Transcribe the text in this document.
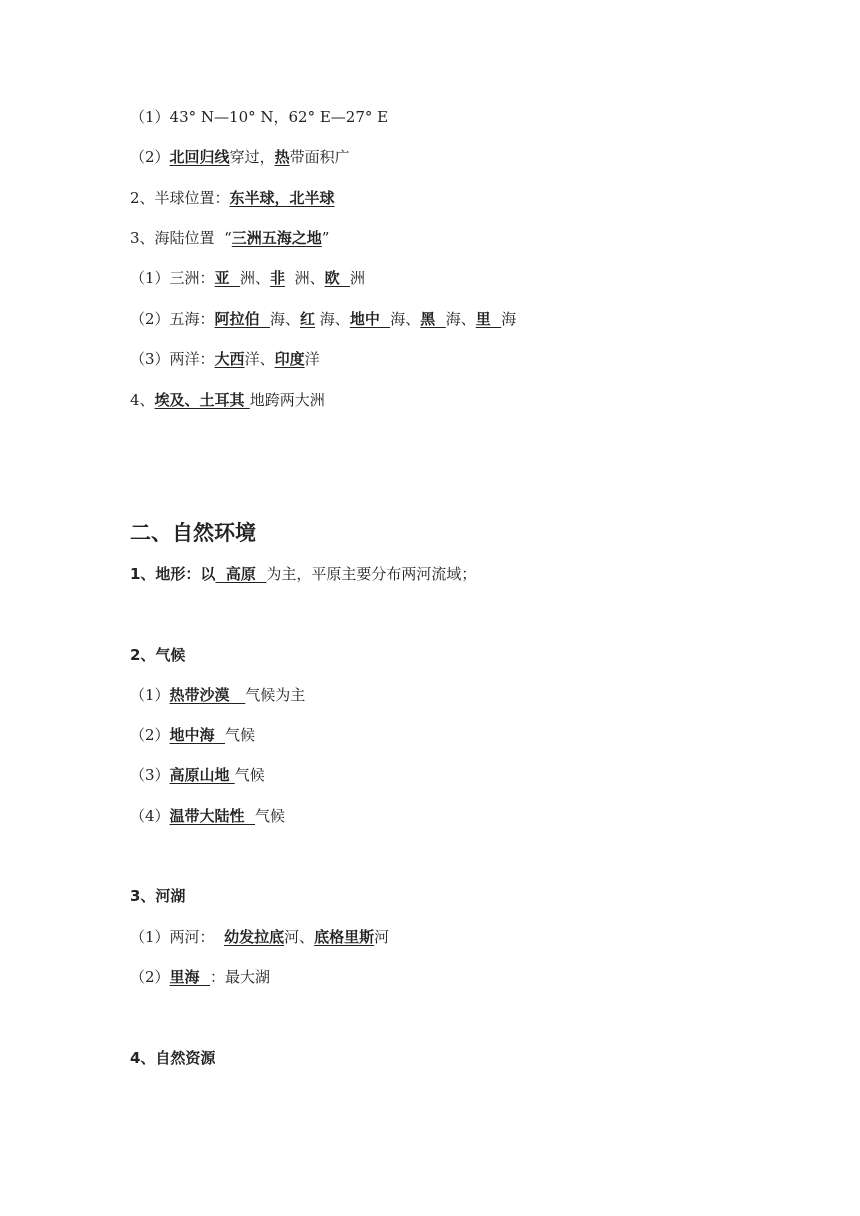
（1）43° N—10° N，62° E—27° E
（2）北回归线穿过，热带面积广
2、半球位置：东半球，北半球
3、海陆位置  “三洲五海之地”
（1）三洲：亚  洲、非  洲、欧  洲
（2）五海：阿拉伯  海、红 海、地中  海、黑  海、里  海
（3）两洋：大西洋、印度洋
4、埃及、土耳其 地跨两大洲
二、自然环境
1、地形：以  高原  为主，平原主要分布两河流域；
2、气候
（1）热带沙漠   气候为主
（2）地中海  气候
（3）高原山地 气候
（4）温带大陆性  气候
3、河湖
（1）两河：  幼发拉底河、底格里斯河
（2）里海  ：最大湖
4、自然资源
